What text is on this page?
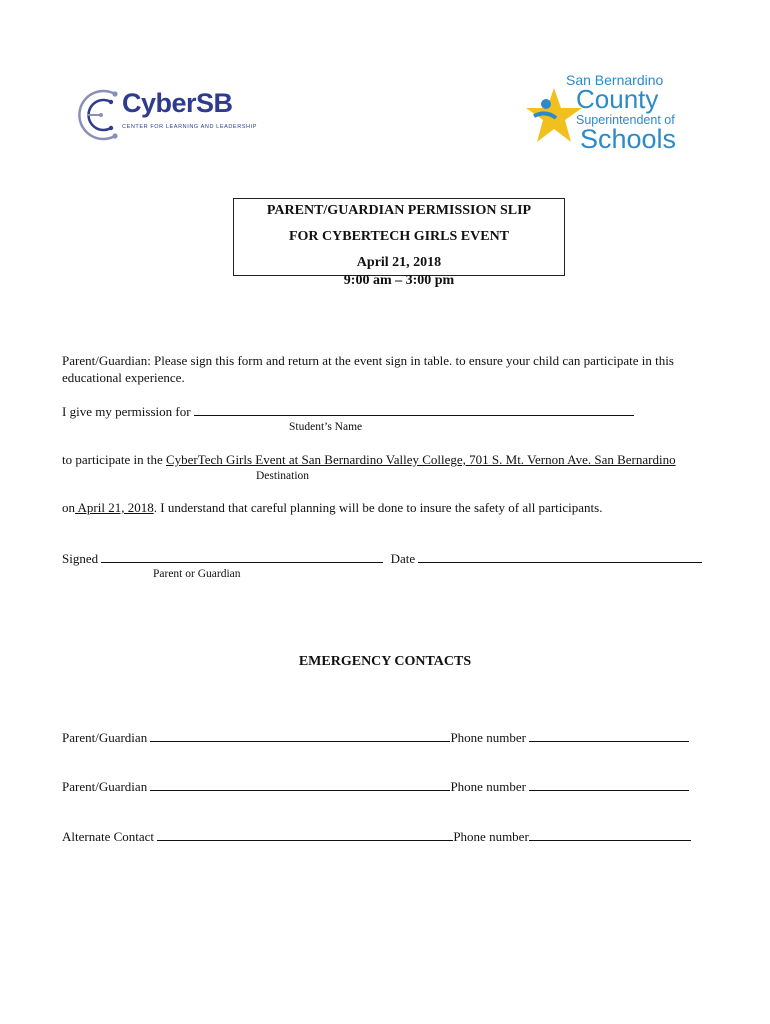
CyberSB
CENTER FOR LEARNING AND LEADERSHIP
San Bernardino
County
Superintendent of
Schools
PARENT/GUARDIAN PERMISSION SLIP
FOR CYBERTECH GIRLS EVENT
April 21, 2018
9:00 am – 3:00 pm
Parent/Guardian: Please sign this form and return at the event sign in table. to ensure your child can participate in this
educational experience.
I give my permission for
Student’s Name
to participate in the CyberTech Girls Event at San Bernardino Valley College, 701 S. Mt. Vernon Ave. San Bernardino
Destination
on April 21, 2018. I understand that careful planning will be done to insure the safety of all participants.
Signed	Date
Parent or Guardian
EMERGENCY CONTACTS
Parent/Guardian	Phone number
Parent/Guardian	Phone number
Alternate Contact	Phone number
